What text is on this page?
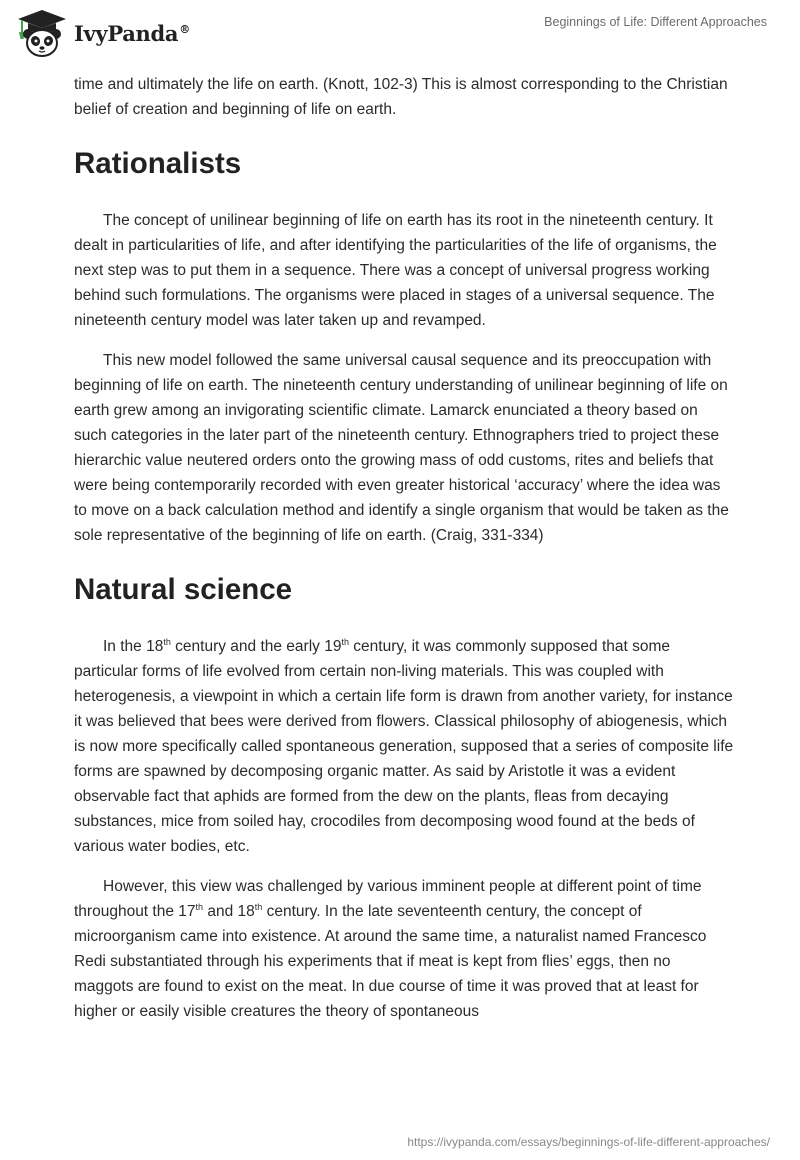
IvyPanda®	Beginnings of Life: Different Approaches

time and ultimately the life on earth. (Knott, 102-3) This is almost corresponding to the Christian belief of creation and beginning of life on earth.

Rationalists

The concept of unilinear beginning of life on earth has its root in the nineteenth century. It dealt in particularities of life, and after identifying the particularities of the life of organisms, the next step was to put them in a sequence. There was a concept of universal progress working behind such formulations. The organisms were placed in stages of a universal sequence. The nineteenth century model was later taken up and revamped.

This new model followed the same universal causal sequence and its preoccupation with beginning of life on earth. The nineteenth century understanding of unilinear beginning of life on earth grew among an invigorating scientific climate. Lamarck enunciated a theory based on such categories in the later part of the nineteenth century. Ethnographers tried to project these hierarchic value neutered orders onto the growing mass of odd customs, rites and beliefs that were being contemporarily recorded with even greater historical ‘accuracy’ where the idea was to move on a back calculation method and identify a single organism that would be taken as the sole representative of the beginning of life on earth. (Craig, 331-334)

Natural science

In the 18th century and the early 19th century, it was commonly supposed that some particular forms of life evolved from certain non-living materials. This was coupled with heterogenesis, a viewpoint in which a certain life form is drawn from another variety, for instance it was believed that bees were derived from flowers. Classical philosophy of abiogenesis, which is now more specifically called spontaneous generation, supposed that a series of composite life forms are spawned by decomposing organic matter. As said by Aristotle it was a evident observable fact that aphids are formed from the dew on the plants, fleas from decaying substances, mice from soiled hay, crocodiles from decomposing wood found at the beds of various water bodies, etc.

However, this view was challenged by various imminent people at different point of time throughout the 17th and 18th century. In the late seventeenth century, the concept of microorganism came into existence. At around the same time, a naturalist named Francesco Redi substantiated through his experiments that if meat is kept from flies’ eggs, then no maggots are found to exist on the meat. In due course of time it was proved that at least for higher or easily visible creatures the theory of spontaneous

https://ivypanda.com/essays/beginnings-of-life-different-approaches/
